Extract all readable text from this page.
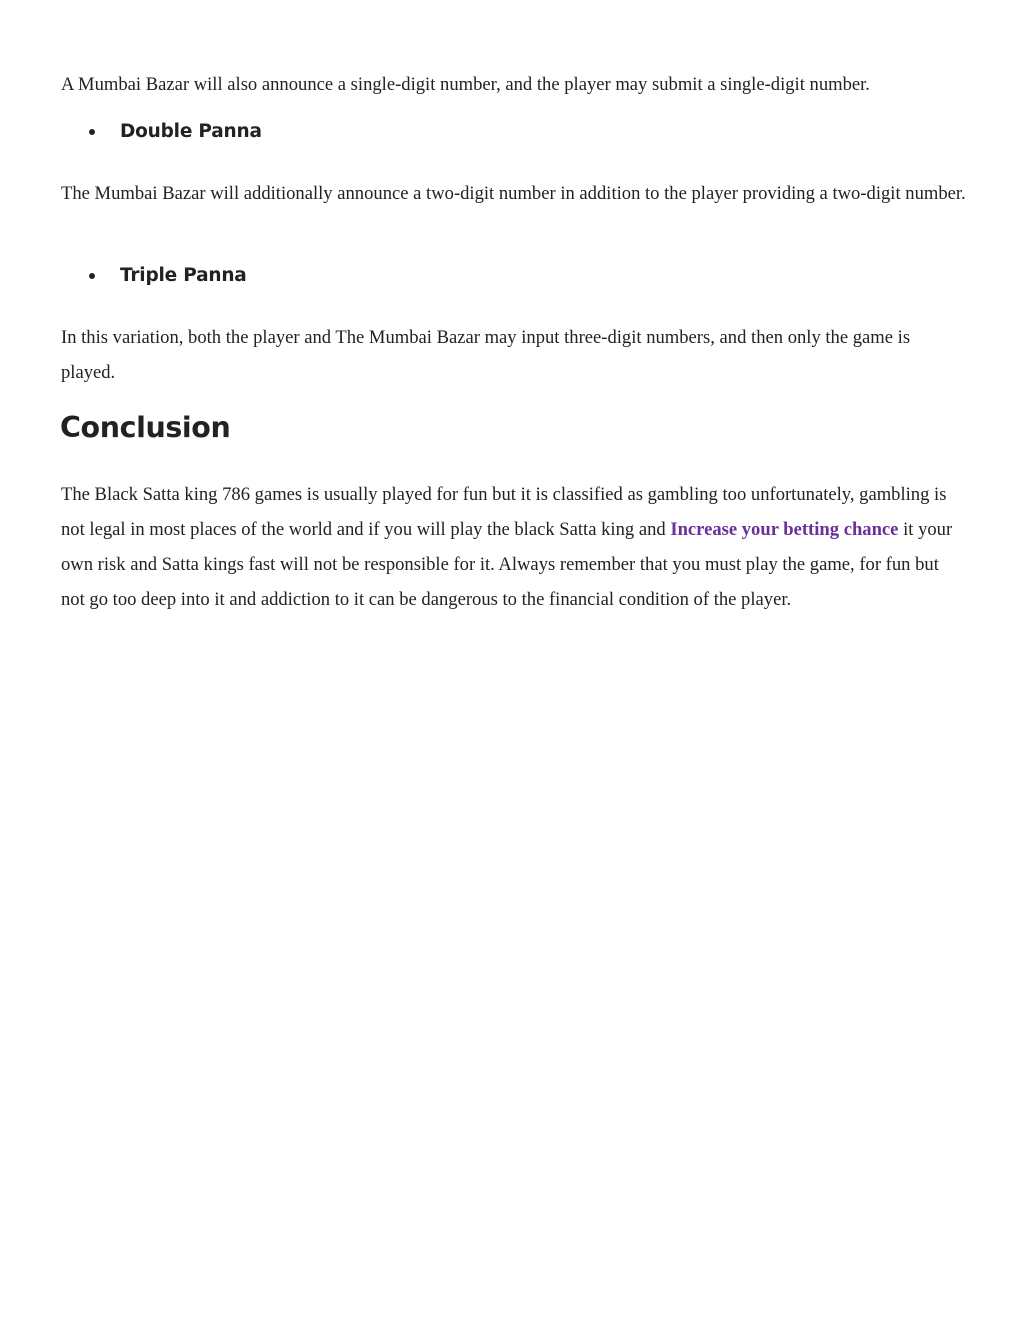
A Mumbai Bazar will also announce a single-digit number, and the player may submit a single-digit number.

Double Panna

The Mumbai Bazar will additionally announce a two-digit number in addition to the player providing a two-digit number.

Triple Panna

In this variation, both the player and The Mumbai Bazar may input three-digit numbers, and then only the game is played.

Conclusion

The Black Satta king 786 games is usually played for fun but it is classified as gambling too unfortunately, gambling is not legal in most places of the world and if you will play the black Satta king and Increase your betting chance it your own risk and Satta kings fast will not be responsible for it. Always remember that you must play the game, for fun but not go too deep into it and addiction to it can be dangerous to the financial condition of the player.
